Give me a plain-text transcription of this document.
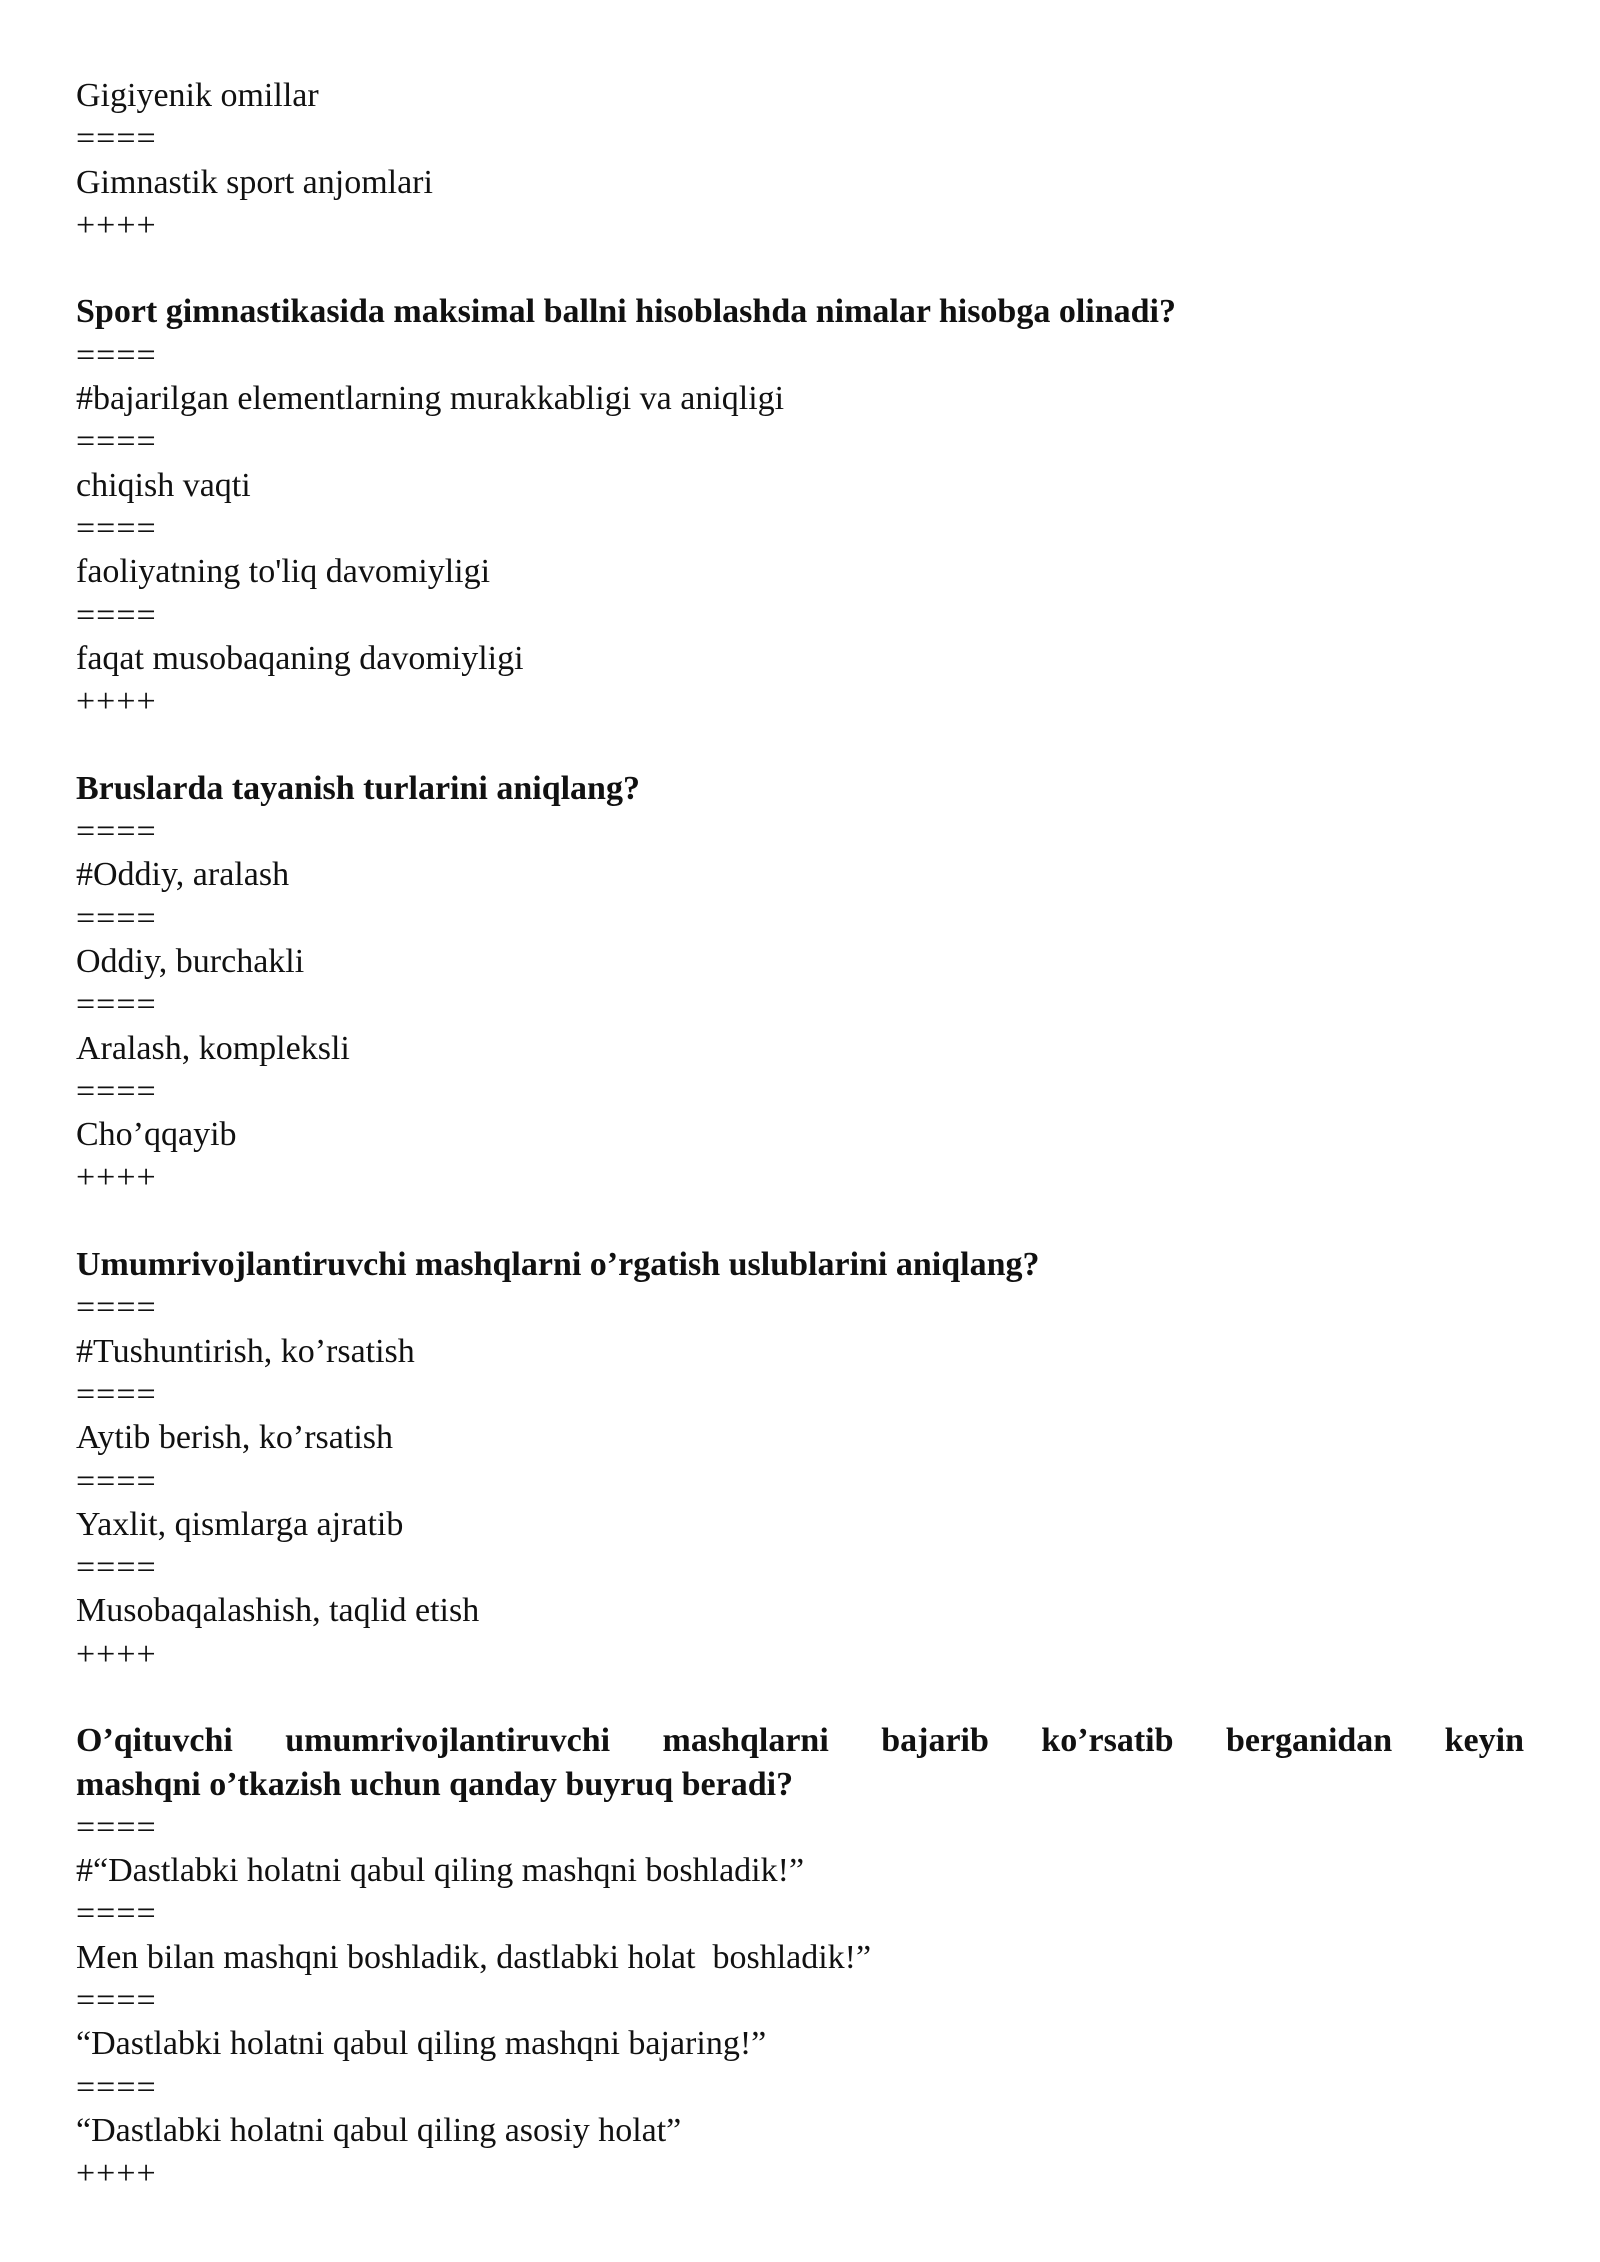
Gigiyenik omillar
====
Gimnastik sport anjomlari
++++
Sport gimnastikasida maksimal ballni hisoblashda nimalar hisobga olinadi?
====
#bajarilgan elementlarning murakkabligi va aniqligi
====
chiqish vaqti
====
faoliyatning to'liq davomiyligi
====
faqat musobaqaning davomiyligi
++++
Bruslarda tayanish turlarini aniqlang?
====
#Oddiy, aralash
====
Oddiy, burchakli
====
Aralash, kompleksli
====
Cho’qqayib
++++
Umumrivojlantiruvchi mashqlarni o’rgatish uslublarini aniqlang?
====
#Tushuntirish, ko’rsatish
====
Aytib berish, ko’rsatish
====
Yaxlit, qismlarga ajratib
====
Musobaqalashish, taqlid etish
++++
O’qituvchi umumrivojlantiruvchi mashqlarni bajarib ko’rsatib berganidan keyin
mashqni o’tkazish uchun qanday buyruq beradi?
====
#“Dastlabki holatni qabul qiling mashqni boshladik!”
====
Men bilan mashqni boshladik, dastlabki holat  boshladik!”
====
“Dastlabki holatni qabul qiling mashqni bajaring!”
====
“Dastlabki holatni qabul qiling asosiy holat”
++++
